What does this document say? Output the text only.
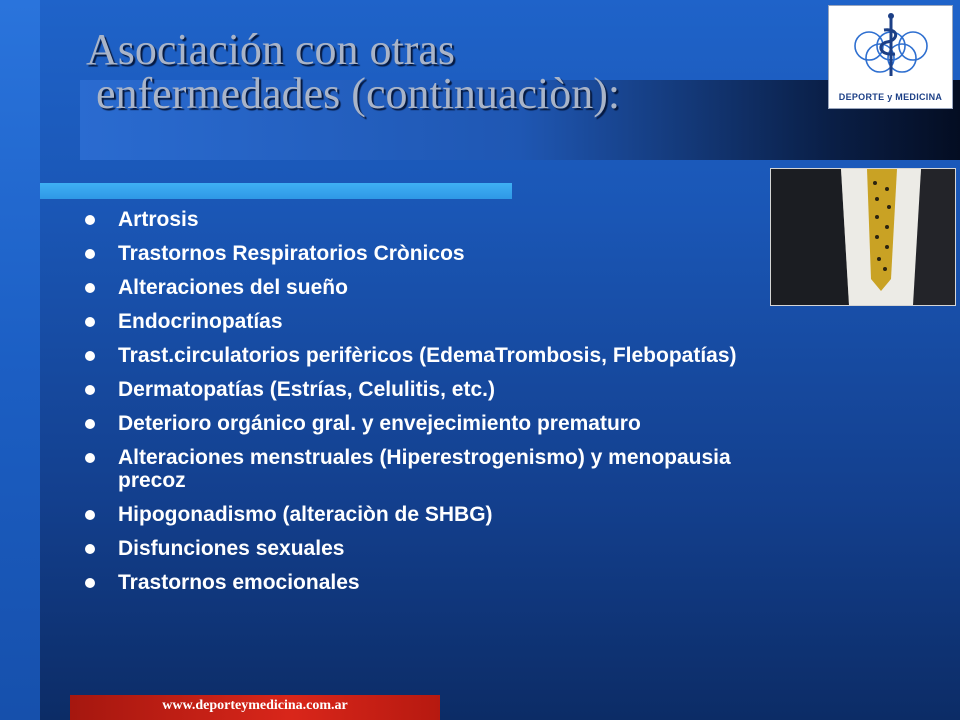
Asociación con otras
enfermedades (continuaciòn):	DEPORTE y MEDICINA
Artrosis
Trastornos Respiratorios Crònicos
Alteraciones del sueño
Endocrinopatías
Trast.circulatorios perifèricos (EdemaTrombosis, Flebopatías)
Dermatopatías (Estrías, Celulitis, etc.)
Deterioro orgánico gral. y envejecimiento prematuro
Alteraciones menstruales (Hiperestrogenismo) y menopausia precoz
Hipogonadismo (alteraciòn de SHBG)
Disfunciones sexuales
Trastornos emocionales
www.deporteymedicina.com.ar
